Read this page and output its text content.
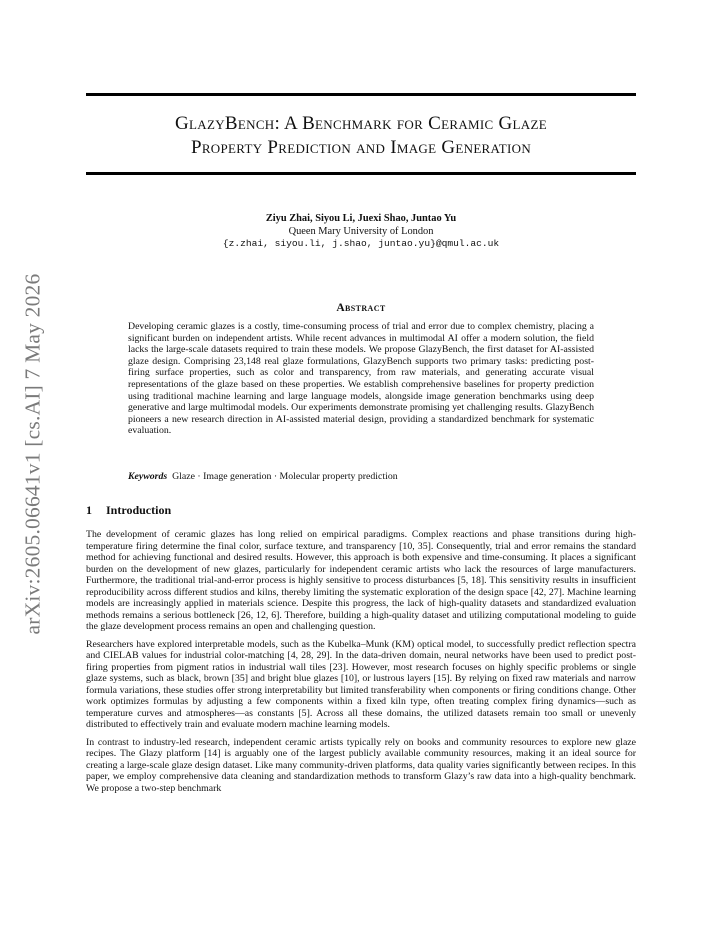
arXiv:2605.06641v1 [cs.AI] 7 May 2026
GlazyBench: A Benchmark for Ceramic Glaze
Property Prediction and Image Generation
Ziyu Zhai, Siyou Li, Juexi Shao, Juntao Yu
Queen Mary University of London
{z.zhai, siyou.li, j.shao, juntao.yu}@qmul.ac.uk
Abstract
Developing ceramic glazes is a costly, time-consuming process of trial and error due to complex chemistry, placing a significant burden on independent artists. While recent advances in multimodal AI offer a modern solution, the field lacks the large-scale datasets required to train these models. We propose GlazyBench, the first dataset for AI-assisted glaze design. Comprising 23,148 real glaze formulations, GlazyBench supports two primary tasks: predicting post-firing surface properties, such as color and transparency, from raw materials, and generating accurate visual representations of the glaze based on these properties. We establish comprehensive baselines for property prediction using traditional machine learning and large language models, alongside image generation benchmarks using deep generative and large multimodal models. Our experiments demonstrate promising yet challenging results. GlazyBench pioneers a new research direction in AI-assisted material design, providing a standardized benchmark for systematic evaluation.
Keywords Glaze · Image generation · Molecular property prediction
1 Introduction

The development of ceramic glazes has long relied on empirical paradigms. Complex reactions and phase transitions during high-temperature firing determine the final color, surface texture, and transparency [10, 35]. Consequently, trial and error remains the standard method for achieving functional and desired results. However, this approach is both expensive and time-consuming. It places a significant burden on the development of new glazes, particularly for independent ceramic artists who lack the resources of large manufacturers. Furthermore, the traditional trial-and-error process is highly sensitive to process disturbances [5, 18]. This sensitivity results in insufficient reproducibility across different studios and kilns, thereby limiting the systematic exploration of the design space [42, 27]. Machine learning models are increasingly applied in materials science. Despite this progress, the lack of high-quality datasets and standardized evaluation methods remains a serious bottleneck [26, 12, 6]. Therefore, building a high-quality dataset and utilizing computational modeling to guide the glaze development process remains an open and challenging question.

Researchers have explored interpretable models, such as the Kubelka–Munk (KM) optical model, to successfully predict reflection spectra and CIELAB values for industrial color-matching [4, 28, 29]. In the data-driven domain, neural networks have been used to predict post-firing properties from pigment ratios in industrial wall tiles [23]. However, most research focuses on highly specific problems or single glaze systems, such as black, brown [35] and bright blue glazes [10], or lustrous layers [15]. By relying on fixed raw materials and narrow formula variations, these studies offer strong interpretability but limited transferability when components or firing conditions change. Other work optimizes formulas by adjusting a few components within a fixed kiln type, often treating complex firing dynamics—such as temperature curves and atmospheres—as constants [5]. Across all these domains, the utilized datasets remain too small or unevenly distributed to effectively train and evaluate modern machine learning models.

In contrast to industry-led research, independent ceramic artists typically rely on books and community resources to explore new glaze recipes. The Glazy platform [14] is arguably one of the largest publicly available community resources, making it an ideal source for creating a large-scale glaze design dataset. Like many community-driven platforms, data quality varies significantly between recipes. In this paper, we employ comprehensive data cleaning and standardization methods to transform Glazy’s raw data into a high-quality benchmark. We propose a two-step benchmark
